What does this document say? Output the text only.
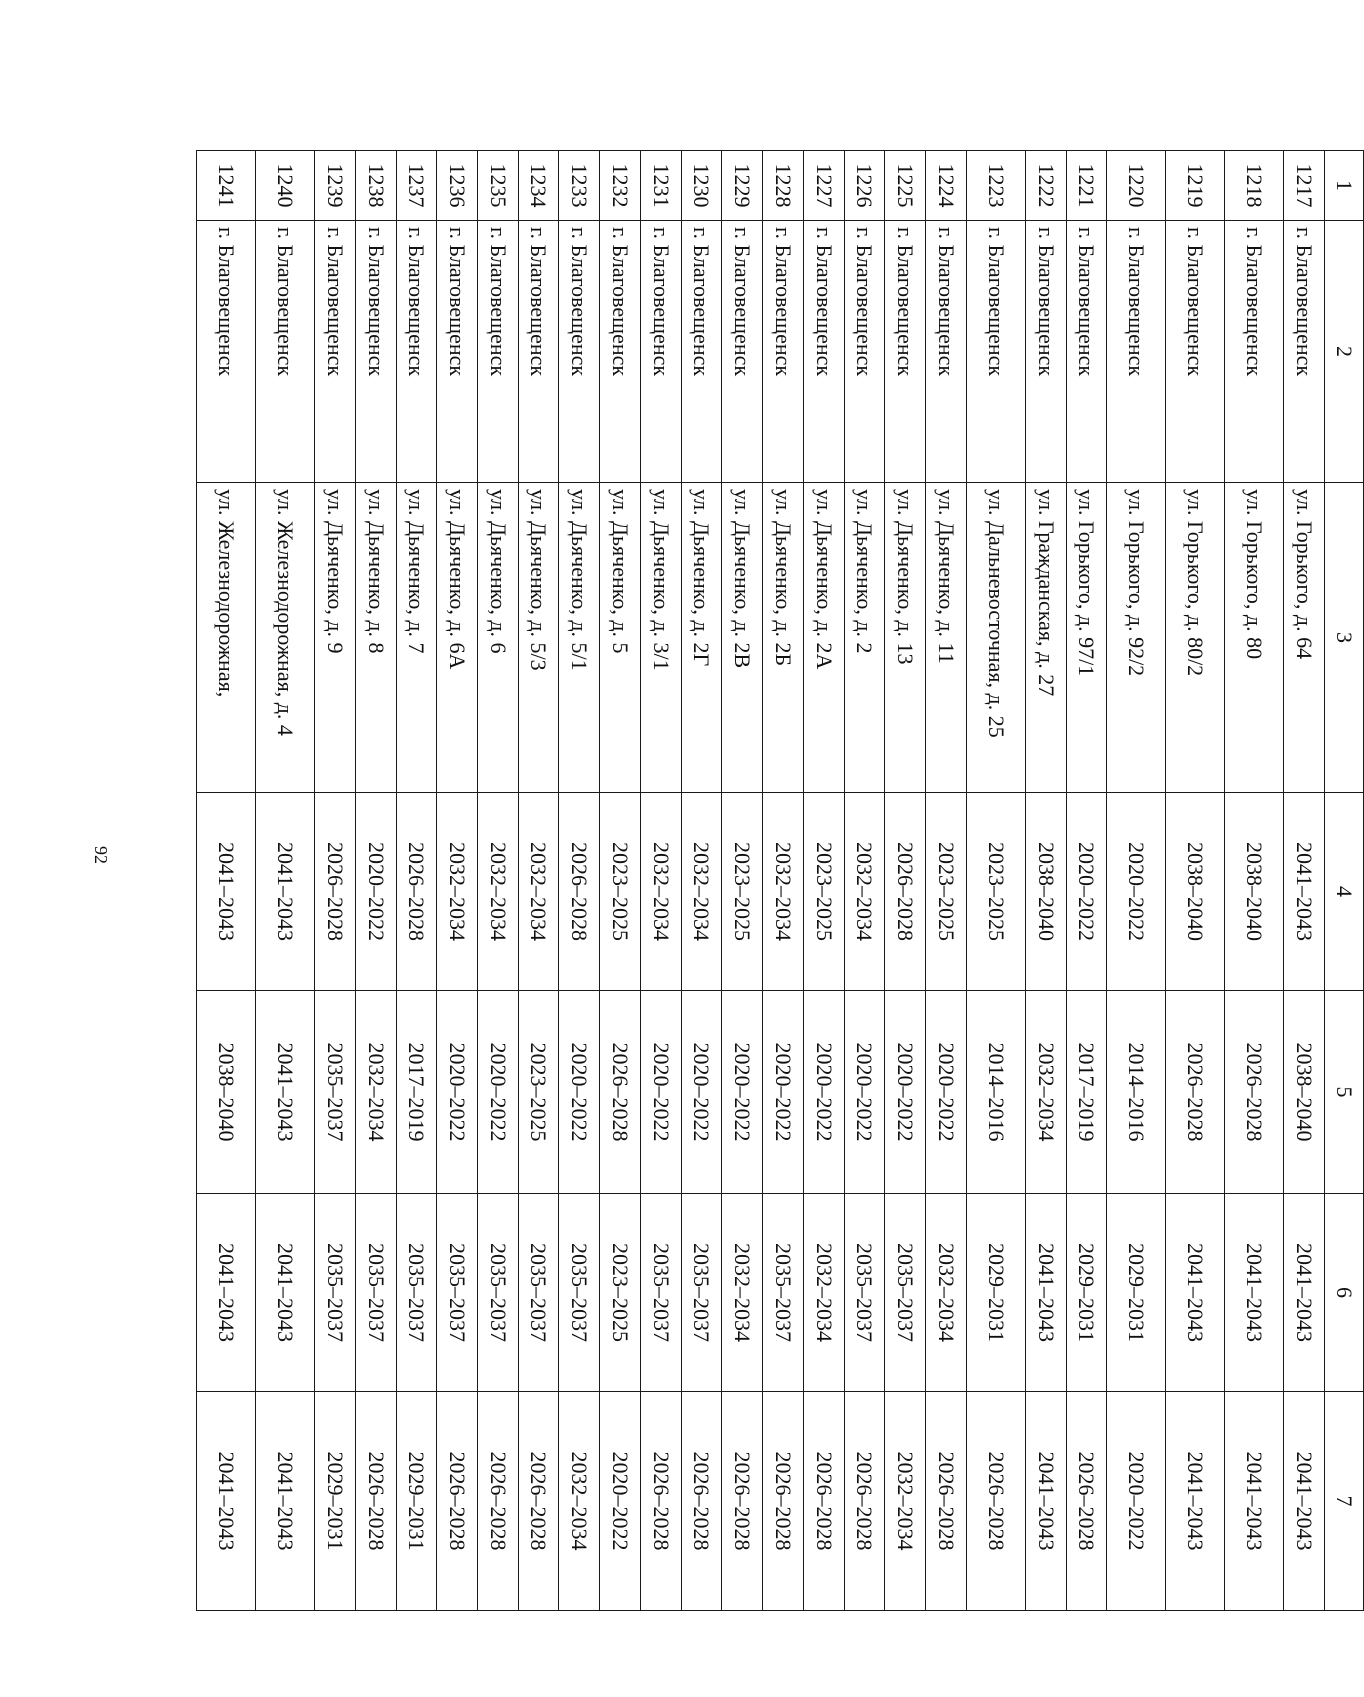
92
1	2	3	4	5	6	7
1217	г. Благовещенск	ул. Горького, д. 64	2041–2043	2038–2040	2041–2043	2041–2043
1218	г. Благовещенск	ул. Горького, д. 80	2038–2040	2026–2028	2041–2043	2041–2043
1219	г. Благовещенск	ул. Горького, д. 80/2	2038–2040	2026–2028	2041–2043	2041–2043
1220	г. Благовещенск	ул. Горького, д. 92/2	2020–2022	2014–2016	2029–2031	2020–2022
1221	г. Благовещенск	ул. Горького, д. 97/1	2020–2022	2017–2019	2029–2031	2026–2028
1222	г. Благовещенск	ул. Гражданская, д. 27	2038–2040	2032–2034	2041–2043	2041–2043
1223	г. Благовещенск	ул. Дальневосточная, д. 25	2023–2025	2014–2016	2029–2031	2026–2028
1224	г. Благовещенск	ул. Дьяченко, д. 11	2023–2025	2020–2022	2032–2034	2026–2028
1225	г. Благовещенск	ул. Дьяченко, д. 13	2026–2028	2020–2022	2035–2037	2032–2034
1226	г. Благовещенск	ул. Дьяченко, д. 2	2032–2034	2020–2022	2035–2037	2026–2028
1227	г. Благовещенск	ул. Дьяченко, д. 2А	2023–2025	2020–2022	2032–2034	2026–2028
1228	г. Благовещенск	ул. Дьяченко, д. 2Б	2032–2034	2020–2022	2035–2037	2026–2028
1229	г. Благовещенск	ул. Дьяченко, д. 2В	2023–2025	2020–2022	2032–2034	2026–2028
1230	г. Благовещенск	ул. Дьяченко, д. 2Г	2032–2034	2020–2022	2035–2037	2026–2028
1231	г. Благовещенск	ул. Дьяченко, д. 3/1	2032–2034	2020–2022	2035–2037	2026–2028
1232	г. Благовещенск	ул. Дьяченко, д. 5	2023–2025	2026–2028	2023–2025	2020–2022
1233	г. Благовещенск	ул. Дьяченко, д. 5/1	2026–2028	2020–2022	2035–2037	2032–2034
1234	г. Благовещенск	ул. Дьяченко, д. 5/3	2032–2034	2023–2025	2035–2037	2026–2028
1235	г. Благовещенск	ул. Дьяченко, д. 6	2032–2034	2020–2022	2035–2037	2026–2028
1236	г. Благовещенск	ул. Дьяченко, д. 6А	2032–2034	2020–2022	2035–2037	2026–2028
1237	г. Благовещенск	ул. Дьяченко, д. 7	2026–2028	2017–2019	2035–2037	2029–2031
1238	г. Благовещенск	ул. Дьяченко, д. 8	2020–2022	2032–2034	2035–2037	2026–2028
1239	г. Благовещенск	ул. Дьяченко, д. 9	2026–2028	2035–2037	2035–2037	2029–2031
1240	г. Благовещенск	ул. Железнодорожная, д. 4	2041–2043	2041–2043	2041–2043	2041–2043
1241	г. Благовещенск	ул. Железнодорожная,	2041–2043	2038–2040	2041–2043	2041–2043
